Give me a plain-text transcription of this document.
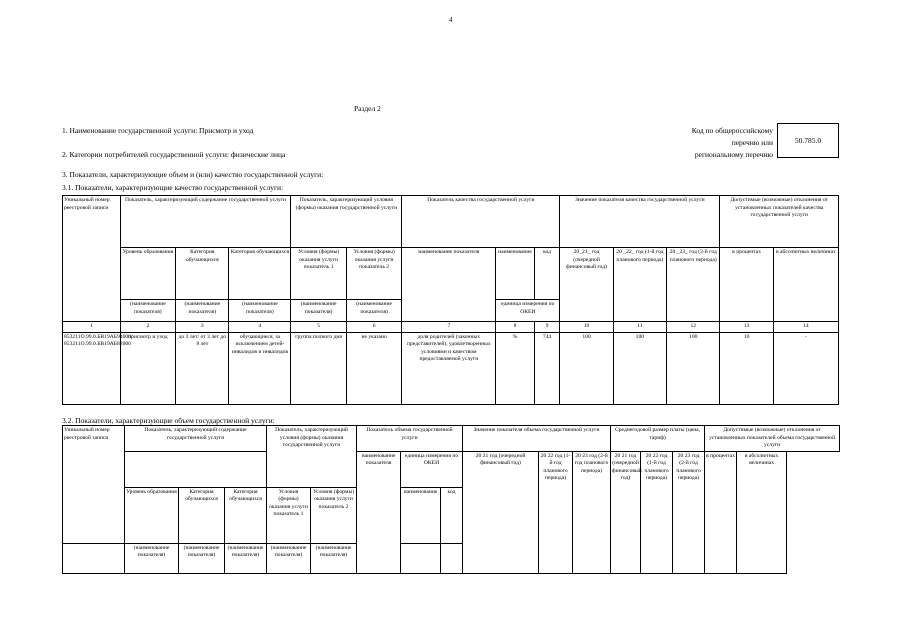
4
Раздел 2
1. Наименование государственной услуги: Присмотр и уход
2. Категории потребителей государственной услуги: физические лица
Код по общероссийскому
перечню или
региональному перечню
50.785.0
3. Показатели, характеризующие объем и (или) качество государственной услуги:
3.1. Показатели, характеризующие качество государственной услуги:
Уникальный номер реестровой записи	Показатель, характеризующий содержание государственной услуги			Показатель, характеризующий условия (формы) оказания государственной услуги		Показатель качества государственной услуги			Значение показателя качества государственной услуги			Допустимые (возможные) отклонения от установленных показателей качества государственной услуги	
	Уровень образования	Категория обучающихся	Категория обучающихся	Условия (формы) оказания услуги показатель 1	Условия (формы) оказания услуги показатель 2	наименование показателя	наименование	код	20_21_ год (очередной финансовый год)	20 _22_ год (1-й год планового периода)	20 _23_ год (2-й год планового периода)	в процентах	в абсолютных величинах
	(наименование показателя)	(наименование показателя)	(наименование показателя)	(наименование показателя)	(наименование показателя)		единица измерения по ОКЕИ						
1	2	3	4	5	6	7	8	9	10	11	12	13	14
853211О.99.0.БВ19АБ94000/ 853211О.99.0.БВ19АБ82000	присмотр и уход	до 3 лет/ от 3 лет до 8 лет	обучающиеся, за исключением детей-инвалидов и инвалидов	группа полного дня	не указано	доля родителей (законных представителей), удовлетворенных условиями и качеством предоставляемой услуги	%	744	100	100	100	10	-
3.2. Показатели, характеризующие объем государственной услуги:
Уникальный номер реестровой записи	Показатель, характеризующий содержание государственной услуги			Показатель, характеризующий условия (формы) оказания государственной услуги		Показатель объема государственной услуги			Значение показателя объема государственной услуги			Среднегодовой размер платы (цена, тариф)			Допустимые (возможные) отклонения от установленных показателей объема государственной услуги	
						наименование показателя	единица измерения по ОКЕИ		20 21 год (очередной финансовый год)	20 22 год (1-й год планового периода)	20 23 год (2-й год планового периода)	20 21 год (очередной финансовый год)	20 22 год (1-й год планового периода)	20 23 год (2-й год планового периода)	в процентах	в абсолютных величинах
	Уровень образования	Категория обучающихся	Категория обучающихся	Условия (формы) оказания услуги показатель 1	Условия (формы) оказания услуги показатель 2		наименование	код								
	(наименование показателя)	(наименование показателя)	(наименование показателя)	(наименование показателя)	(наименование показателя)											
